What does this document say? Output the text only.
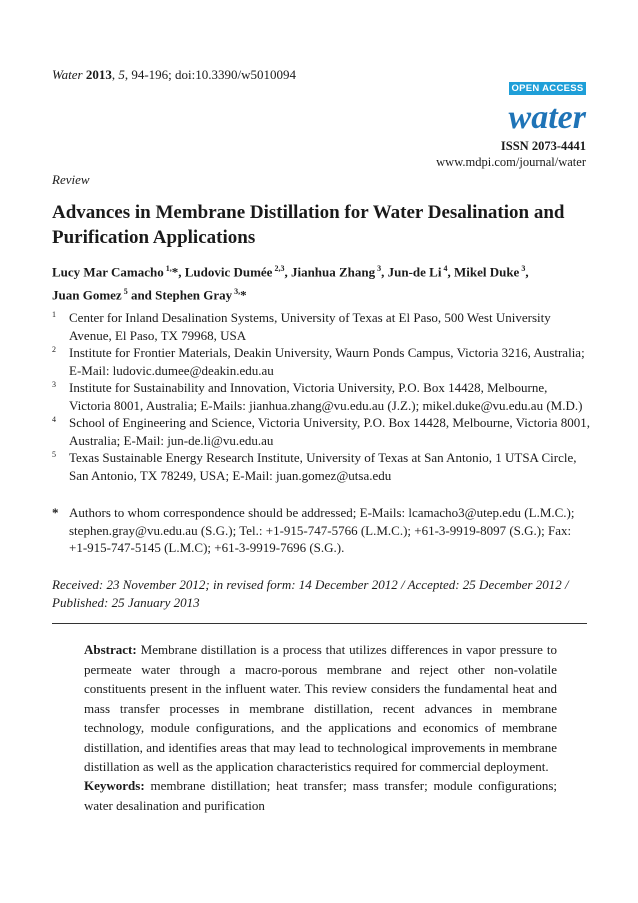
Water 2013, 5, 94-196; doi:10.3390/w5010094
OPEN ACCESS
water
ISSN 2073-4441
www.mdpi.com/journal/water
Review
Advances in Membrane Distillation for Water Desalination and Purification Applications
Lucy Mar Camacho $^{1,}$*, Ludovic Dumée $^{2,3}$, Jianhua Zhang $^3$, Jun-de Li $^4$, Mikel Duke $^3$,
Juan Gomez $^5$ and Stephen Gray $^{3,}$*
1 Center for Inland Desalination Systems, University of Texas at El Paso, 500 West University Avenue, El Paso, TX 79968, USA
2 Institute for Frontier Materials, Deakin University, Waurn Ponds Campus, Victoria 3216, Australia; E-Mail: ludovic.dumee@deakin.edu.au
3 Institute for Sustainability and Innovation, Victoria University, P.O. Box 14428, Melbourne, Victoria 8001, Australia; E-Mails: jianhua.zhang@vu.edu.au (J.Z.); mikel.duke@vu.edu.au (M.D.)
4 School of Engineering and Science, Victoria University, P.O. Box 14428, Melbourne, Victoria 8001, Australia; E-Mail: jun-de.li@vu.edu.au
5 Texas Sustainable Energy Research Institute, University of Texas at San Antonio, 1 UTSA Circle, San Antonio, TX 78249, USA; E-Mail: juan.gomez@utsa.edu
* Authors to whom correspondence should be addressed; E-Mails: lcamacho3@utep.edu (L.M.C.); stephen.gray@vu.edu.au (S.G.); Tel.: +1-915-747-5766 (L.M.C.); +61-3-9919-8097 (S.G.); Fax: +1-915-747-5145 (L.M.C); +61-3-9919-7696 (S.G.).
Received: 23 November 2012; in revised form: 14 December 2012 / Accepted: 25 December 2012 / Published: 25 January 2013
Abstract: Membrane distillation is a process that utilizes differences in vapor pressure to permeate water through a macro-porous membrane and reject other non-volatile constituents present in the influent water. This review considers the fundamental heat and mass transfer processes in membrane distillation, recent advances in membrane technology, module configurations, and the applications and economics of membrane distillation, and identifies areas that may lead to technological improvements in membrane distillation as well as the application characteristics required for commercial deployment.
Keywords: membrane distillation; heat transfer; mass transfer; module configurations; water desalination and purification
